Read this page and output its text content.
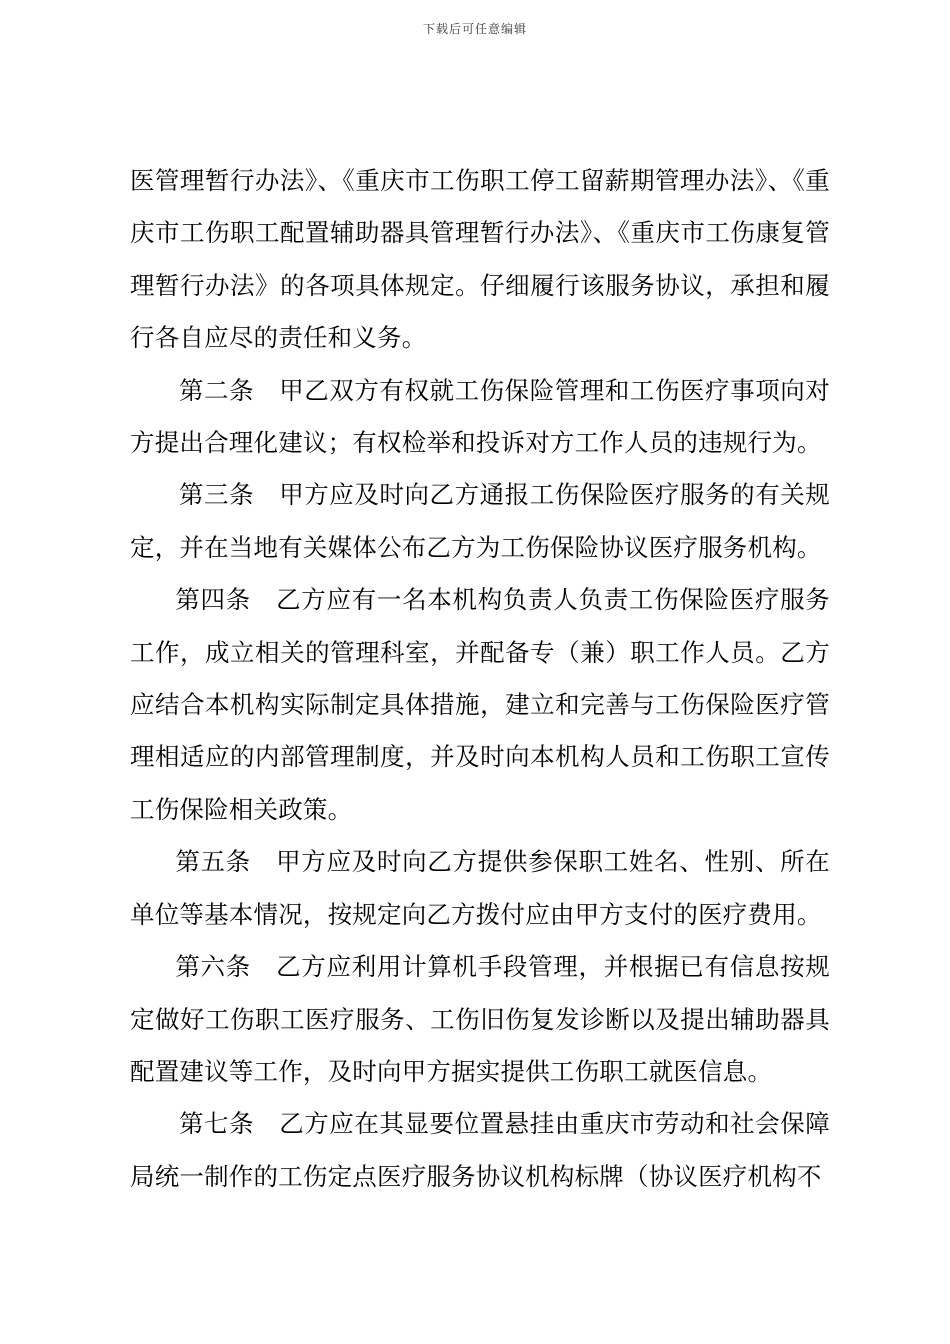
下载后可任意编辑

医管理暂行办法》、《重庆市工伤职工停工留薪期管理办法》、《重庆市工伤职工配置辅助器具管理暂行办法》、《重庆市工伤康复管理暂行办法》的各项具体规定。仔细履行该服务协议，承担和履行各自应尽的责任和义务。

第二条　甲乙双方有权就工伤保险管理和工伤医疗事项向对方提出合理化建议；有权检举和投诉对方工作人员的违规行为。

第三条　甲方应及时向乙方通报工伤保险医疗服务的有关规定，并在当地有关媒体公布乙方为工伤保险协议医疗服务机构。

第四条　乙方应有一名本机构负责人负责工伤保险医疗服务工作，成立相关的管理科室，并配备专（兼）职工作人员。乙方应结合本机构实际制定具体措施，建立和完善与工伤保险医疗管理相适应的内部管理制度，并及时向本机构人员和工伤职工宣传工伤保险相关政策。

第五条　甲方应及时向乙方提供参保职工姓名、性别、所在单位等基本情况，按规定向乙方拨付应由甲方支付的医疗费用。

第六条　乙方应利用计算机手段管理，并根据已有信息按规定做好工伤职工医疗服务、工伤旧伤复发诊断以及提出辅助器具配置建议等工作，及时向甲方据实提供工伤职工就医信息。

第七条　乙方应在其显要位置悬挂由重庆市劳动和社会保障局统一制作的工伤定点医疗服务协议机构标牌（协议医疗机构不
